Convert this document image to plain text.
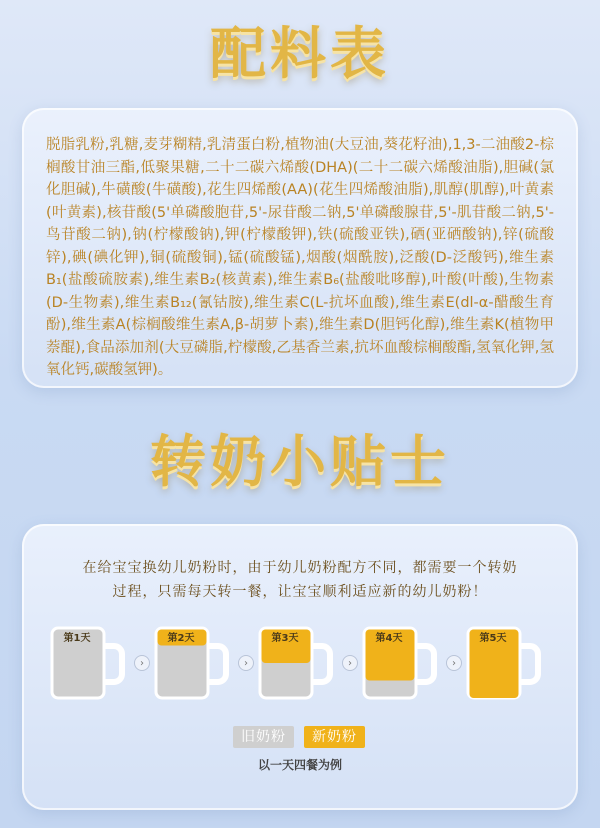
配料表

脱脂乳粉,乳糖,麦芽糊精,乳清蛋白粉,植物油(大豆油,葵花籽油),1,3-二油酸2-棕榈酸甘油三酯,低聚果糖,二十二碳六烯酸(DHA)(二十二碳六烯酸油脂),胆碱(氯化胆碱),牛磺酸(牛磺酸),花生四烯酸(AA)(花生四烯酸油脂),肌醇(肌醇),叶黄素(叶黄素),核苷酸(5'单磷酸胞苷,5'-尿苷酸二钠,5'单磷酸腺苷,5'-肌苷酸二钠,5'-鸟苷酸二钠),钠(柠檬酸钠),钾(柠檬酸钾),铁(硫酸亚铁),硒(亚硒酸钠),锌(硫酸锌),碘(碘化钾),铜(硫酸铜),锰(硫酸锰),烟酸(烟酰胺),泛酸(D-泛酸钙),维生素B₁(盐酸硫胺素),维生素B₂(核黄素),维生素B₆(盐酸吡哆醇),叶酸(叶酸),生物素(D-生物素),维生素B₁₂(氰钴胺),维生素C(L-抗坏血酸),维生素E(dl-α-醋酸生育酚),维生素A(棕榈酸维生素A,β-胡萝卜素),维生素D(胆钙化醇),维生素K(植物甲萘醌),食品添加剂(大豆磷脂,柠檬酸,乙基香兰素,抗坏血酸棕榈酸酯,氢氧化钾,氢氧化钙,碳酸氢钾)。

转奶小贴士
在给宝宝换幼儿奶粉时，由于幼儿奶粉配方不同，都需要一个转奶
过程，只需每天转一餐，让宝宝顺利适应新的幼儿奶粉！
第1天
›
第2天
›
第3天
›
第4天
›
第5天
旧奶粉	新奶粉
以一天四餐为例
